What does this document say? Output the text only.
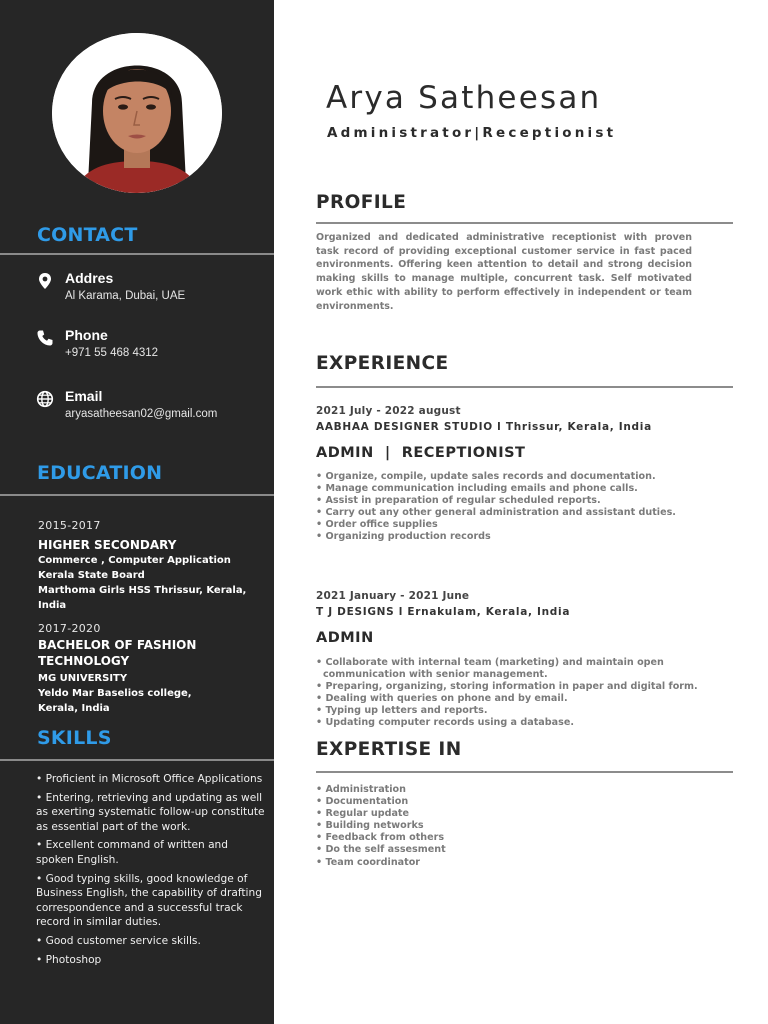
CONTACT
Addres
Al Karama, Dubai, UAE
Phone
+971 55 468 4312
Email
aryasatheesan02@gmail.com
EDUCATION
2015-2017
HIGHER SECONDARY
Commerce , Computer Application
Kerala State Board
Marthoma Girls HSS Thrissur, Kerala, India
2017-2020
BACHELOR OF FASHION TECHNOLOGY
MG UNIVERSITY
Yeldo Mar Baselios college, Kerala, India
SKILLS
• Proficient in Microsoft Office Applications
• Entering, retrieving and updating as well as exerting systematic follow-up constitute as essential part of the work.
• Excellent command of written and spoken English.
• Good typing skills, good knowledge of Business English, the capability of drafting correspondence and a successful track record in similar duties.
• Good customer service skills.
• Photoshop
Arya Satheesan
Administrator|Receptionist
PROFILE

Organized and dedicated administrative receptionist with proven task record of providing exceptional customer service in fast paced environments. Offering keen attention to detail and strong decision making skills to manage multiple, concurrent task. Self motivated work ethic with ability to perform effectively in independent or team environments.

EXPERIENCE
2021 July - 2022 august
AABHAA DESIGNER STUDIO l Thrissur, Kerala, India
ADMIN  |  RECEPTIONIST
• Organize, compile, update sales records and documentation.
• Manage communication including emails and phone calls.
• Assist in preparation of regular scheduled reports.
• Carry out any other general administration and assistant duties.
• Order office supplies
• Organizing production records
2021 January - 2021 June
T J DESIGNS l Ernakulam, Kerala, India
ADMIN
• Collaborate with internal team (marketing) and maintain open
communication with senior management.
• Preparing, organizing, storing information in paper and digital form.
• Dealing with queries on phone and by email.
• Typing up letters and reports.
• Updating computer records using a database.
EXPERTISE IN
• Administration
• Documentation
• Regular update
• Building networks
• Feedback from others
• Do the self assesment
• Team coordinator
